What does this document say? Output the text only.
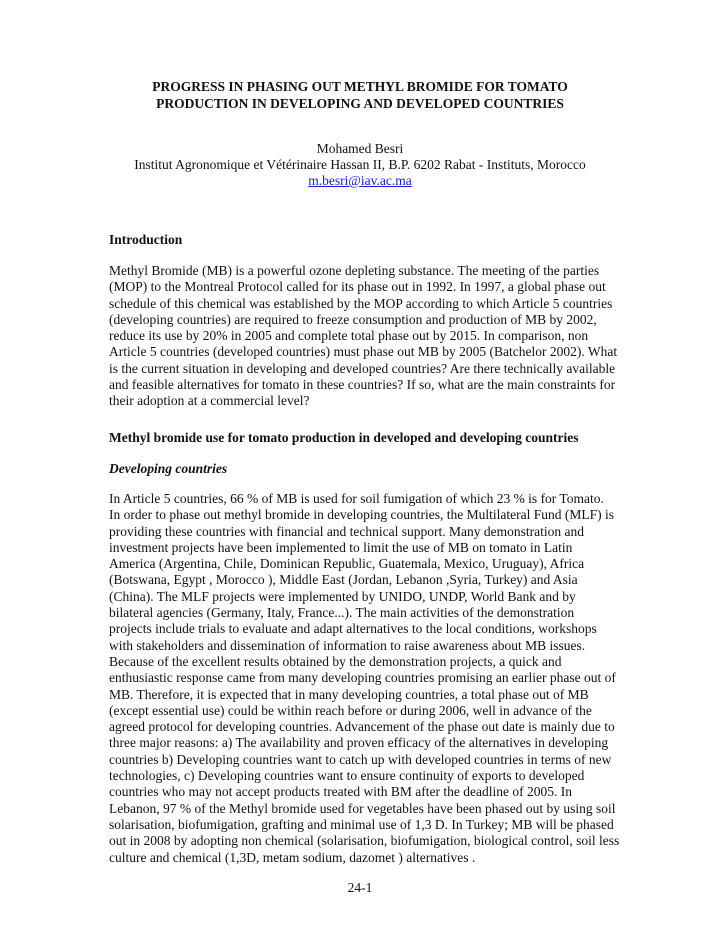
PROGRESS IN PHASING OUT METHYL BROMIDE FOR TOMATO
PRODUCTION IN DEVELOPING AND DEVELOPED COUNTRIES
Mohamed Besri
Institut Agronomique et Vétérinaire Hassan II, B.P. 6202 Rabat - Instituts, Morocco
m.besri@iav.ac.ma
Introduction
Methyl Bromide (MB) is a powerful ozone depleting substance. The meeting of the parties
(MOP) to the Montreal Protocol called for its phase out in 1992. In 1997, a global phase out
schedule of this chemical was established by the MOP according to which Article 5 countries
(developing countries) are required to freeze consumption and production of MB by 2002,
reduce its use by 20% in 2005 and complete total phase out by 2015. In comparison, non
Article 5 countries (developed countries) must phase out MB by 2005 (Batchelor 2002). What
is the current situation in developing and developed countries? Are there technically available
and feasible alternatives for tomato in these countries? If so, what are the main constraints for
their adoption at a commercial level?
Methyl bromide use for tomato production in developed and developing countries
Developing countries
In Article 5 countries, 66 % of MB is used for soil fumigation of which 23 % is for Tomato.
In order to phase out methyl bromide in developing countries, the Multilateral Fund (MLF) is
providing these countries with financial and technical support. Many demonstration and
investment projects have been implemented to limit the use of MB on tomato in Latin
America (Argentina, Chile, Dominican Republic, Guatemala, Mexico, Uruguay), Africa
(Botswana, Egypt , Morocco ), Middle East (Jordan, Lebanon ,Syria, Turkey) and Asia
(China). The MLF projects were implemented by UNIDO, UNDP, World Bank and by
bilateral agencies (Germany, Italy, France...). The main activities of the demonstration
projects include trials to evaluate and adapt alternatives to the local conditions, workshops
with stakeholders and dissemination of information to raise awareness about MB issues.
Because of the excellent results obtained by the demonstration projects, a quick and
enthusiastic response came from many developing countries promising an earlier phase out of
MB. Therefore, it is expected that in many developing countries, a total phase out of MB
(except essential use) could be within reach before or during 2006, well in advance of the
agreed protocol for developing countries. Advancement of the phase out date is mainly due to
three major reasons: a) The availability and proven efficacy of the alternatives in developing
countries b) Developing countries want to catch up with developed countries in terms of new
technologies, c) Developing countries want to ensure continuity of exports to developed
countries who may not accept products treated with BM after the deadline of 2005. In
Lebanon, 97 % of the Methyl bromide used for vegetables have been phased out by using soil
solarisation, biofumigation, grafting and minimal use of 1,3 D. In Turkey; MB will be phased
out in 2008 by adopting non chemical (solarisation, biofumigation, biological control, soil less
culture and chemical (1,3D, metam sodium, dazomet ) alternatives .
24-1
